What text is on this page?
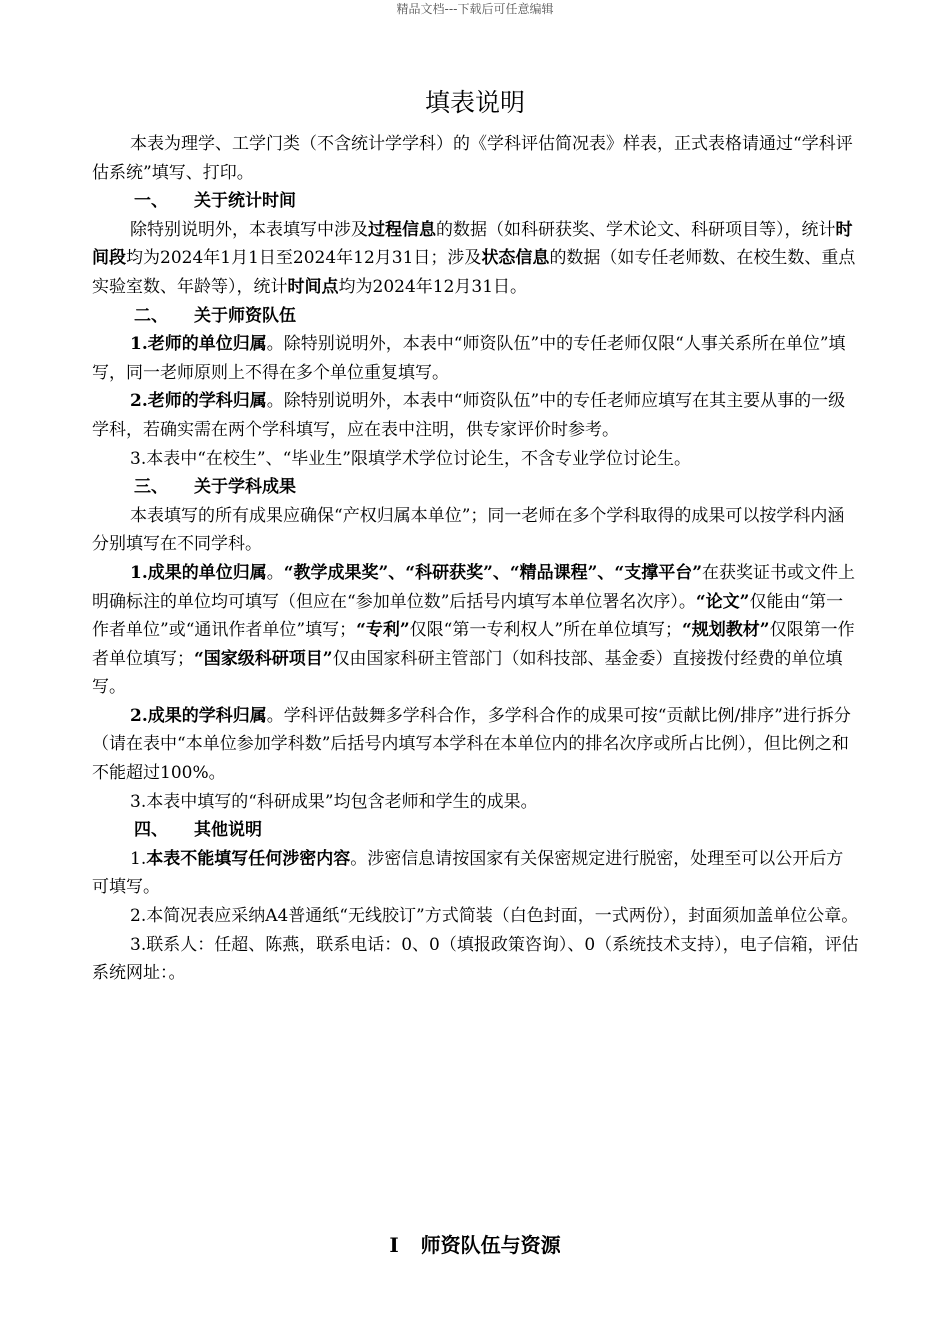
精品文档---下载后可任意编辑
填表说明

本表为理学、工学门类（不含统计学学科）的《学科评估简况表》样表，正式表格请通过“学科评估系统”填写、打印。

一、 关于统计时间

除特别说明外，本表填写中涉及过程信息的数据（如科研获奖、学术论文、科研项目等），统计时间段均为2024年1月1日至2024年12月31日；涉及状态信息的数据（如专任老师数、在校生数、重点实验室数、年龄等），统计时间点均为2024年12月31日。

二、 关于师资队伍

1.老师的单位归属。除特别说明外，本表中“师资队伍”中的专任老师仅限“人事关系所在单位”填写，同一老师原则上不得在多个单位重复填写。

2.老师的学科归属。除特别说明外，本表中“师资队伍”中的专任老师应填写在其主要从事的一级学科，若确实需在两个学科填写，应在表中注明，供专家评价时参考。

3.本表中“在校生”、“毕业生”限填学术学位讨论生，不含专业学位讨论生。

三、 关于学科成果

本表填写的所有成果应确保“产权归属本单位”；同一老师在多个学科取得的成果可以按学科内涵分别填写在不同学科。

1.成果的单位归属。“教学成果奖”、“科研获奖”、“精品课程”、“支撑平台”在获奖证书或文件上明确标注的单位均可填写（但应在“参加单位数”后括号内填写本单位署名次序）。“论文”仅能由“第一作者单位”或“通讯作者单位”填写；“专利”仅限“第一专利权人”所在单位填写；“规划教材”仅限第一作者单位填写；“国家级科研项目”仅由国家科研主管部门（如科技部、基金委）直接拨付经费的单位填写。

2.成果的学科归属。学科评估鼓舞多学科合作，多学科合作的成果可按“贡献比例/排序”进行拆分（请在表中“本单位参加学科数”后括号内填写本学科在本单位内的排名次序或所占比例），但比例之和不能超过100%。

3.本表中填写的“科研成果”均包含老师和学生的成果。

四、 其他说明

1.本表不能填写任何涉密内容。涉密信息请按国家有关保密规定进行脱密，处理至可以公开后方可填写。

2.本简况表应采纳A4普通纸“无线胶订”方式简装（白色封面，一式两份），封面须加盖单位公章。

3.联系人：任超、陈燕，联系电话：0、0（填报政策咨询）、0（系统技术支持），电子信箱，评估系统网址：。

I 师资队伍与资源
